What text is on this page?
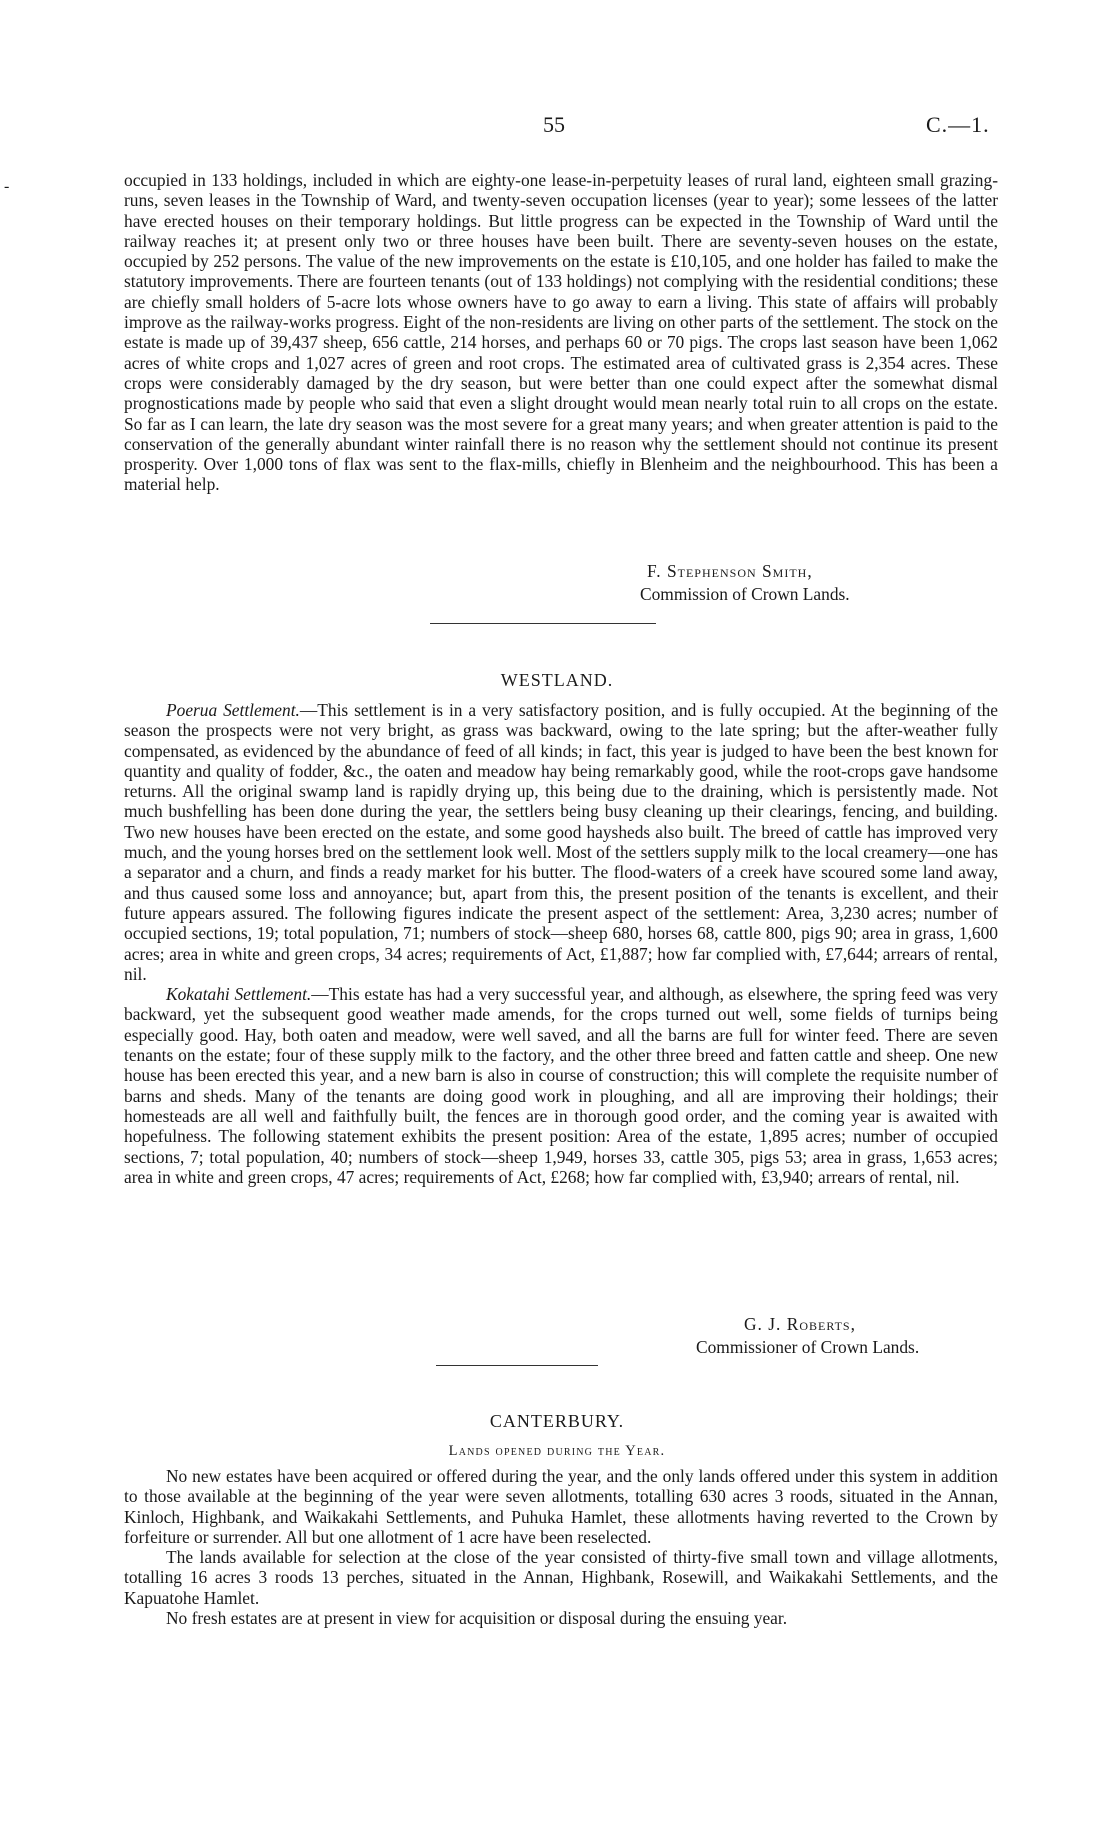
55	C.—1.
-	occupied in 133 holdings, included in which are eighty-one lease-in-perpetuity leases of rural land, eighteen small grazing-runs, seven leases in the Township of Ward, and twenty-seven occupation licenses (year to year); some lessees of the latter have erected houses on their temporary holdings. But little progress can be expected in the Township of Ward until the railway reaches it; at present only two or three houses have been built. There are seventy-seven houses on the estate, occupied by 252 persons. The value of the new improvements on the estate is £10,105, and one holder has failed to make the statutory improvements. There are fourteen tenants (out of 133 holdings) not complying with the residential conditions; these are chiefly small holders of 5-acre lots whose owners have to go away to earn a living. This state of affairs will probably improve as the railway-works progress. Eight of the non-residents are living on other parts of the settlement. The stock on the estate is made up of 39,437 sheep, 656 cattle, 214 horses, and perhaps 60 or 70 pigs. The crops last season have been 1,062 acres of white crops and 1,027 acres of green and root crops. The estimated area of cultivated grass is 2,354 acres. These crops were considerably damaged by the dry season, but were better than one could expect after the somewhat dismal prognostications made by people who said that even a slight drought would mean nearly total ruin to all crops on the estate. So far as I can learn, the late dry season was the most severe for a great many years; and when greater attention is paid to the conservation of the generally abundant winter rainfall there is no reason why the settlement should not continue its present prosperity. Over 1,000 tons of flax was sent to the flax-mills, chiefly in Blenheim and the neighbourhood. This has been a material help.

F. Stephenson Smith,
Commission of Crown Lands.
WESTLAND.

Poerua Settlement.—This settlement is in a very satisfactory position, and is fully occupied. At the beginning of the season the prospects were not very bright, as grass was backward, owing to the late spring; but the after-weather fully compensated, as evidenced by the abundance of feed of all kinds; in fact, this year is judged to have been the best known for quantity and quality of fodder, &c., the oaten and meadow hay being remarkably good, while the root-crops gave handsome returns. All the original swamp land is rapidly drying up, this being due to the draining, which is persistently made. Not much bushfelling has been done during the year, the settlers being busy cleaning up their clearings, fencing, and building. Two new houses have been erected on the estate, and some good haysheds also built. The breed of cattle has improved very much, and the young horses bred on the settlement look well. Most of the settlers supply milk to the local creamery—one has a separator and a churn, and finds a ready market for his butter. The flood-waters of a creek have scoured some land away, and thus caused some loss and annoyance; but, apart from this, the present position of the tenants is excellent, and their future appears assured. The following figures indicate the present aspect of the settlement: Area, 3,230 acres; number of occupied sections, 19; total population, 71; numbers of stock—sheep 680, horses 68, cattle 800, pigs 90; area in grass, 1,600 acres; area in white and green crops, 34 acres; requirements of Act, £1,887; how far complied with, £7,644; arrears of rental, nil.

Kokatahi Settlement.—This estate has had a very successful year, and although, as elsewhere, the spring feed was very backward, yet the subsequent good weather made amends, for the crops turned out well, some fields of turnips being especially good. Hay, both oaten and meadow, were well saved, and all the barns are full for winter feed. There are seven tenants on the estate; four of these supply milk to the factory, and the other three breed and fatten cattle and sheep. One new house has been erected this year, and a new barn is also in course of construction; this will complete the requisite number of barns and sheds. Many of the tenants are doing good work in ploughing, and all are improving their holdings; their homesteads are all well and faithfully built, the fences are in thorough good order, and the coming year is awaited with hopefulness. The following statement exhibits the present position: Area of the estate, 1,895 acres; number of occupied sections, 7; total population, 40; numbers of stock—sheep 1,949, horses 33, cattle 305, pigs 53; area in grass, 1,653 acres; area in white and green crops, 47 acres; requirements of Act, £268; how far complied with, £3,940; arrears of rental, nil.

G. J. Roberts,
Commissioner of Crown Lands.
CANTERBURY.
Lands opened during the Year.

No new estates have been acquired or offered during the year, and the only lands offered under this system in addition to those available at the beginning of the year were seven allotments, totalling 630 acres 3 roods, situated in the Annan, Kinloch, Highbank, and Waikakahi Settlements, and Puhuka Hamlet, these allotments having reverted to the Crown by forfeiture or surrender. All but one allotment of 1 acre have been reselected.

The lands available for selection at the close of the year consisted of thirty-five small town and village allotments, totalling 16 acres 3 roods 13 perches, situated in the Annan, Highbank, Rosewill, and Waikakahi Settlements, and the Kapuatohe Hamlet.

No fresh estates are at present in view for acquisition or disposal during the ensuing year.
